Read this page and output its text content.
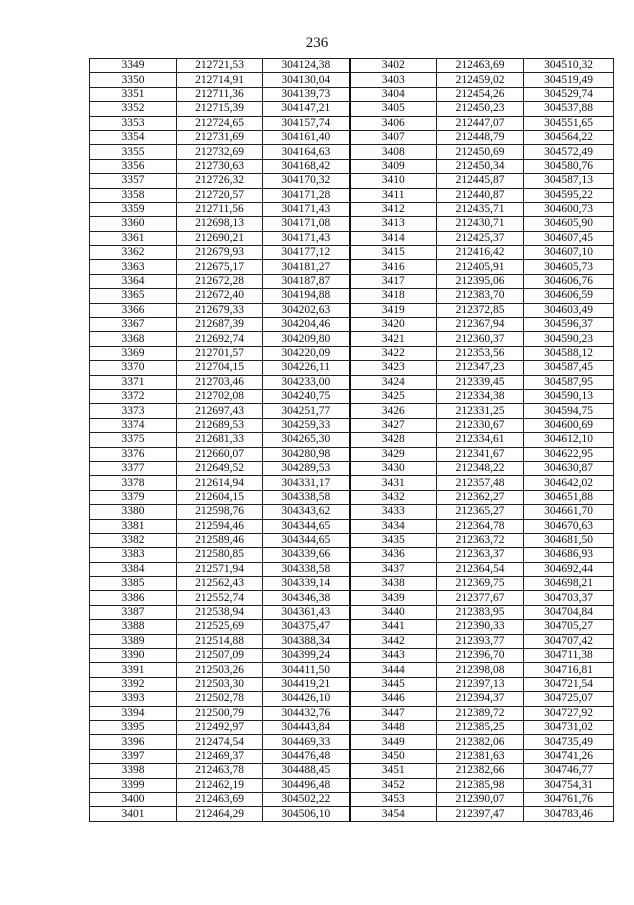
236
3349	212721,53	304124,38	3402	212463,69	304510,32
3350	212714,91	304130,04	3403	212459,02	304519,49
3351	212711,36	304139,73	3404	212454,26	304529,74
3352	212715,39	304147,21	3405	212450,23	304537,88
3353	212724,65	304157,74	3406	212447,07	304551,65
3354	212731,69	304161,40	3407	212448,79	304564,22
3355	212732,69	304164,63	3408	212450,69	304572,49
3356	212730,63	304168,42	3409	212450,34	304580,76
3357	212726,32	304170,32	3410	212445,87	304587,13
3358	212720,57	304171,28	3411	212440,87	304595,22
3359	212711,56	304171,43	3412	212435,71	304600,73
3360	212698,13	304171,08	3413	212430,71	304605,90
3361	212690,21	304171,43	3414	212425,37	304607,45
3362	212679,93	304177,12	3415	212416,42	304607,10
3363	212675,17	304181,27	3416	212405,91	304605,73
3364	212672,28	304187,87	3417	212395,06	304606,76
3365	212672,40	304194,88	3418	212383,70	304606,59
3366	212679,33	304202,63	3419	212372,85	304603,49
3367	212687,39	304204,46	3420	212367,94	304596,37
3368	212692,74	304209,80	3421	212360,37	304590,23
3369	212701,57	304220,09	3422	212353,56	304588,12
3370	212704,15	304226,11	3423	212347,23	304587,45
3371	212703,46	304233,00	3424	212339,45	304587,95
3372	212702,08	304240,75	3425	212334,38	304590,13
3373	212697,43	304251,77	3426	212331,25	304594,75
3374	212689,53	304259,33	3427	212330,67	304600,69
3375	212681,33	304265,30	3428	212334,61	304612,10
3376	212660,07	304280,98	3429	212341,67	304622,95
3377	212649,52	304289,53	3430	212348,22	304630,87
3378	212614,94	304331,17	3431	212357,48	304642,02
3379	212604,15	304338,58	3432	212362,27	304651,88
3380	212598,76	304343,62	3433	212365,27	304661,70
3381	212594,46	304344,65	3434	212364,78	304670,63
3382	212589,46	304344,65	3435	212363,72	304681,50
3383	212580,85	304339,66	3436	212363,37	304686,93
3384	212571,94	304338,58	3437	212364,54	304692,44
3385	212562,43	304339,14	3438	212369,75	304698,21
3386	212552,74	304346,38	3439	212377,67	304703,37
3387	212538,94	304361,43	3440	212383,95	304704,84
3388	212525,69	304375,47	3441	212390,33	304705,27
3389	212514,88	304388,34	3442	212393,77	304707,42
3390	212507,09	304399,24	3443	212396,70	304711,38
3391	212503,26	304411,50	3444	212398,08	304716,81
3392	212503,30	304419,21	3445	212397,13	304721,54
3393	212502,78	304426,10	3446	212394,37	304725,07
3394	212500,79	304432,76	3447	212389,72	304727,92
3395	212492,97	304443,84	3448	212385,25	304731,02
3396	212474,54	304469,33	3449	212382,06	304735,49
3397	212469,37	304476,48	3450	212381,63	304741,26
3398	212463,78	304488,45	3451	212382,66	304746,77
3399	212462,19	304496,48	3452	212385,98	304754,31
3400	212463,69	304502,22	3453	212390,07	304761,76
3401	212464,29	304506,10	3454	212397,47	304783,46
